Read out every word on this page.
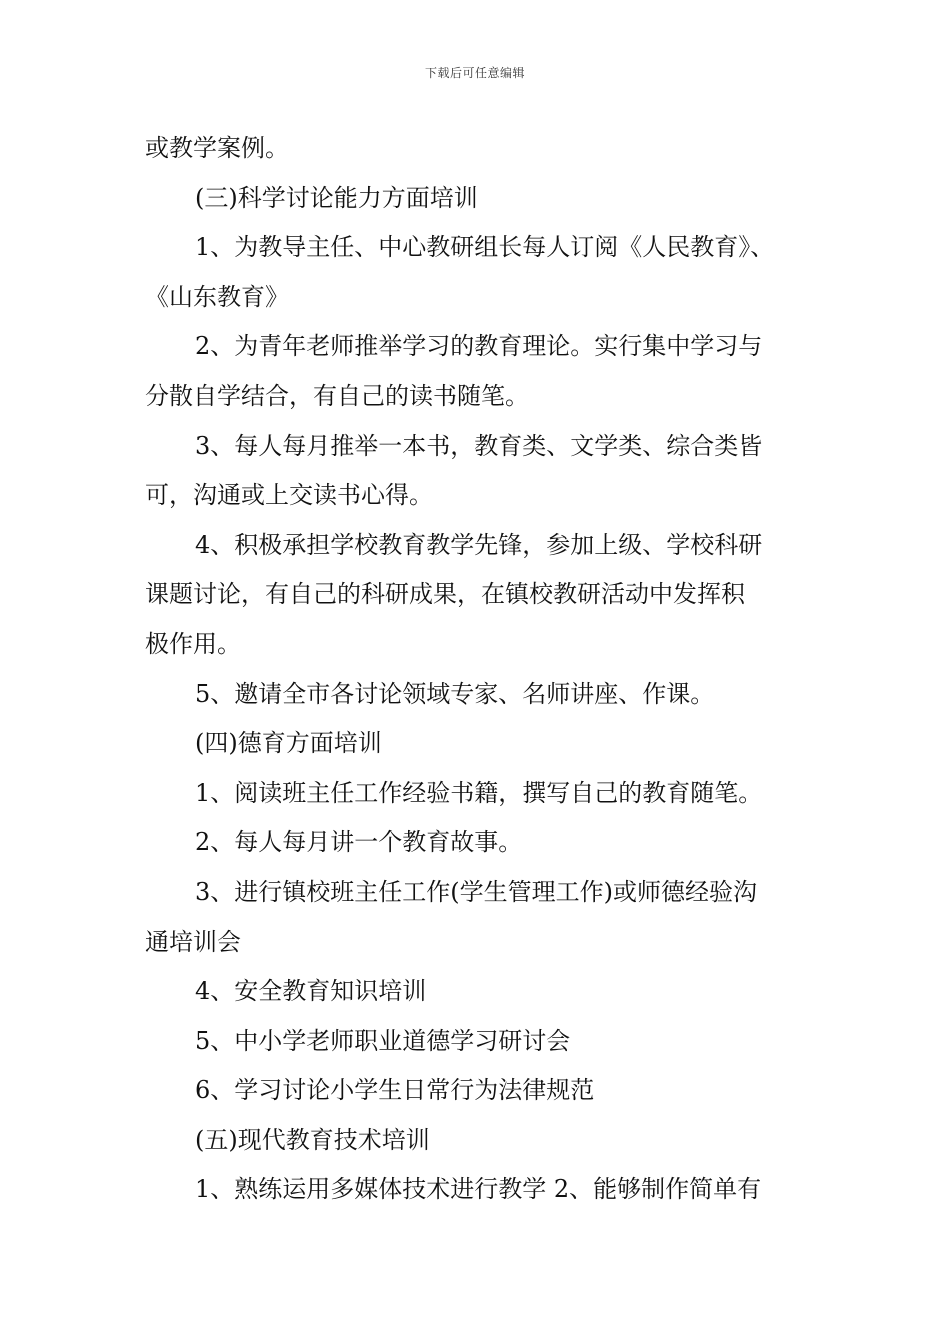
下载后可任意编辑
或教学案例。
(三)科学讨论能力方面培训
1、为教导主任、中心教研组长每人订阅《人民教育》、
《山东教育》
2、为青年老师推举学习的教育理论。实行集中学习与
分散自学结合，有自己的读书随笔。
3、每人每月推举一本书，教育类、文学类、综合类皆
可，沟通或上交读书心得。
4、积极承担学校教育教学先锋，参加上级、学校科研
课题讨论，有自己的科研成果，在镇校教研活动中发挥积
极作用。
5、邀请全市各讨论领域专家、名师讲座、作课。
(四)德育方面培训
1、阅读班主任工作经验书籍，撰写自己的教育随笔。
2、每人每月讲一个教育故事。
3、进行镇校班主任工作(学生管理工作)或师德经验沟
通培训会
4、安全教育知识培训
5、中小学老师职业道德学习研讨会
6、学习讨论小学生日常行为法律规范
(五)现代教育技术培训
1、熟练运用多媒体技术进行教学 2、能够制作简单有
